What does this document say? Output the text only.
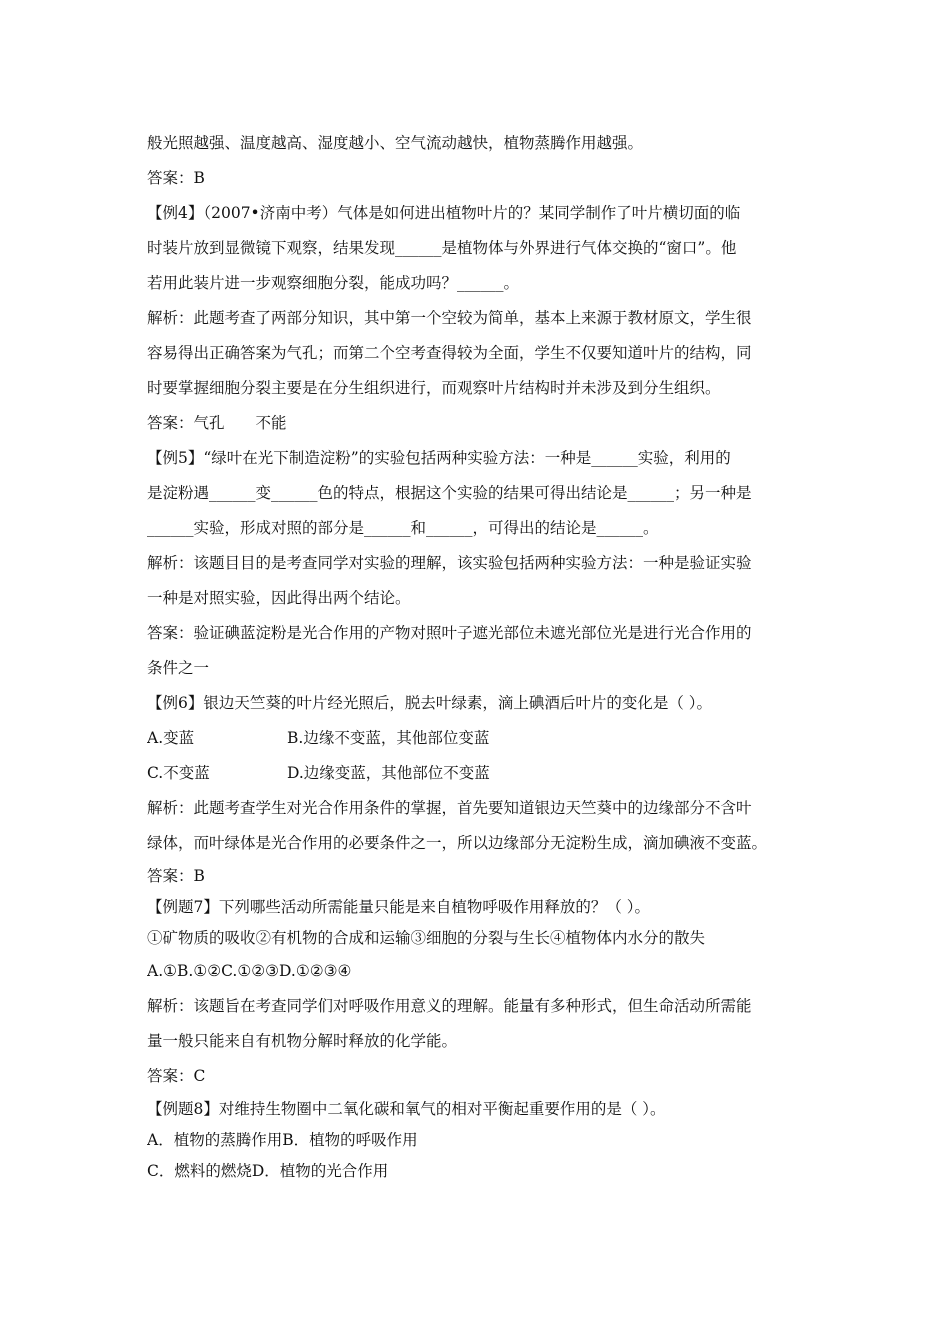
般光照越强、温度越高、湿度越小、空气流动越快，植物蒸腾作用越强。
答案：B
【例4】（2007•济南中考）气体是如何进出植物叶片的？某同学制作了叶片横切面的临
时装片放到显微镜下观察，结果发现______是植物体与外界进行气体交换的“窗口”。他
若用此装片进一步观察细胞分裂，能成功吗？______。
解析：此题考查了两部分知识，其中第一个空较为简单，基本上来源于教材原文，学生很
容易得出正确答案为气孔；而第二个空考查得较为全面，学生不仅要知道叶片的结构，同
时要掌握细胞分裂主要是在分生组织进行，而观察叶片结构时并未涉及到分生组织。
答案：气孔　　不能
【例5】“绿叶在光下制造淀粉”的实验包括两种实验方法：一种是______实验，利用的
是淀粉遇______变______色的特点，根据这个实验的结果可得出结论是______；另一种是
______实验，形成对照的部分是______和______，可得出的结论是______。
解析：该题目目的是考查同学对实验的理解，该实验包括两种实验方法：一种是验证实验
一种是对照实验，因此得出两个结论。
答案：验证碘蓝淀粉是光合作用的产物对照叶子遮光部位未遮光部位光是进行光合作用的
条件之一
【例6】银边天竺葵的叶片经光照后，脱去叶绿素，滴上碘酒后叶片的变化是（ ）。
A.变蓝	B.边缘不变蓝，其他部位变蓝
C.不变蓝	D.边缘变蓝，其他部位不变蓝
解析：此题考查学生对光合作用条件的掌握，首先要知道银边天竺葵中的边缘部分不含叶
绿体，而叶绿体是光合作用的必要条件之一，所以边缘部分无淀粉生成，滴加碘液不变蓝。
答案：B
【例题7】下列哪些活动所需能量只能是来自植物呼吸作用释放的？（ ）。
①矿物质的吸收②有机物的合成和运输③细胞的分裂与生长④植物体内水分的散失
A.①B.①②C.①②③D.①②③④
解析：该题旨在考查同学们对呼吸作用意义的理解。能量有多种形式，但生命活动所需能
量一般只能来自有机物分解时释放的化学能。
答案：C
【例题8】对维持生物圈中二氧化碳和氧气的相对平衡起重要作用的是（ ）。
A．植物的蒸腾作用B．植物的呼吸作用
C．燃料的燃烧D．植物的光合作用
